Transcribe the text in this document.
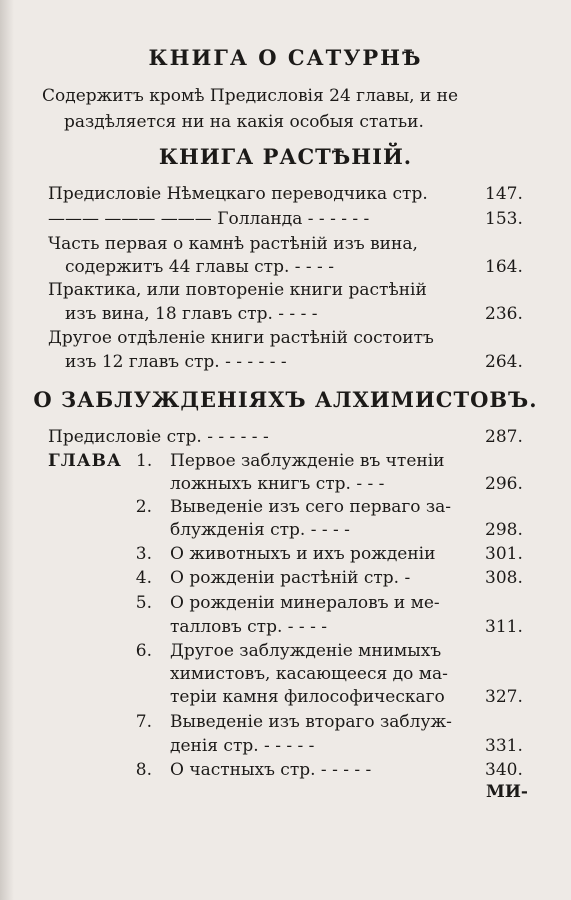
КНИГА О САТУРНѢ
Содержитъ кромѣ Предисловія 24 главы, и не
раздѣляется ни на какія особыя статьи.
КНИГА РАСТѢНІЙ.
Предисловіе Нѣмецкаго переводчика стр.	147.
——— ——— ——— Голланда - - - - - -	153.
Часть первая о камнѣ растѣній изъ вина,
содержитъ 44 главы стр. - - - -	164.
Практика, или повтореніе книги растѣній
изъ вина, 18 главъ стр. - - - -	236.
Другое отдѣленіе книги растѣній состоитъ
изъ 12 главъ стр. - - - - - -	264.
О ЗАБЛУЖДЕНІЯХЪ АЛХИМИСТОВЪ.
Предисловіе стр. - - - - - -	287.
ГЛАВА 1. Первое заблужденіе въ чтеніи
ложныхъ книгъ стр. - - -	296.
2. Выведеніе изъ сего перваго за-
блужденія стр. - - - -	298.
3. О животныхъ и ихъ рожденіи	301.
4. О рожденіи растѣній стр. -	308.
5. О рожденіи минераловъ и ме-
талловъ стр. - - - -	311.
6. Другое заблужденіе мнимыхъ
химистовъ, касающееся до ма-
теріи камня философическаго 327.
7. Выведеніе изъ втораго заблуж-
денія стр. - - - - -	331.
8. О частныхъ стр. - - - - -	340.
МИ-
